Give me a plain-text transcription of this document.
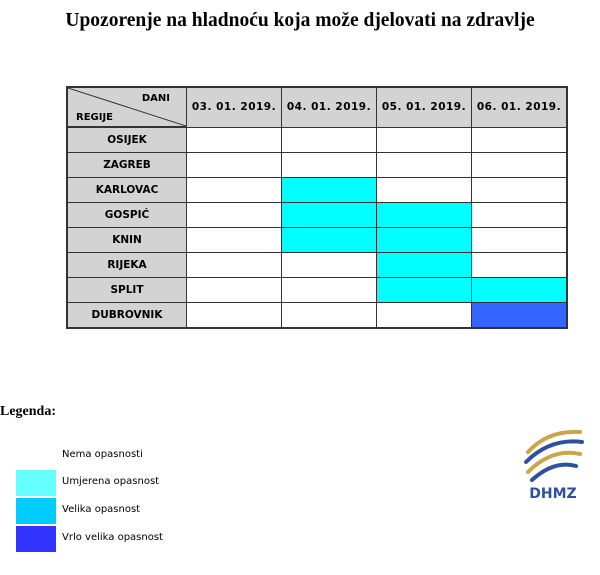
Upozorenje na hladnoću koja može djelovati na zdravlje
DANI
REGIJE	03. 01. 2019.	04. 01. 2019.	05. 01. 2019.	06. 01. 2019.
OSIJEK				
ZAGREB				
KARLOVAC				
GOSPIĆ				
KNIN				
RIJEKA				
SPLIT				
DUBROVNIK				
Legenda:
Nema opasnosti
Umjerena opasnost
Velika opasnost
Vrlo velika opasnost
DHMZ
